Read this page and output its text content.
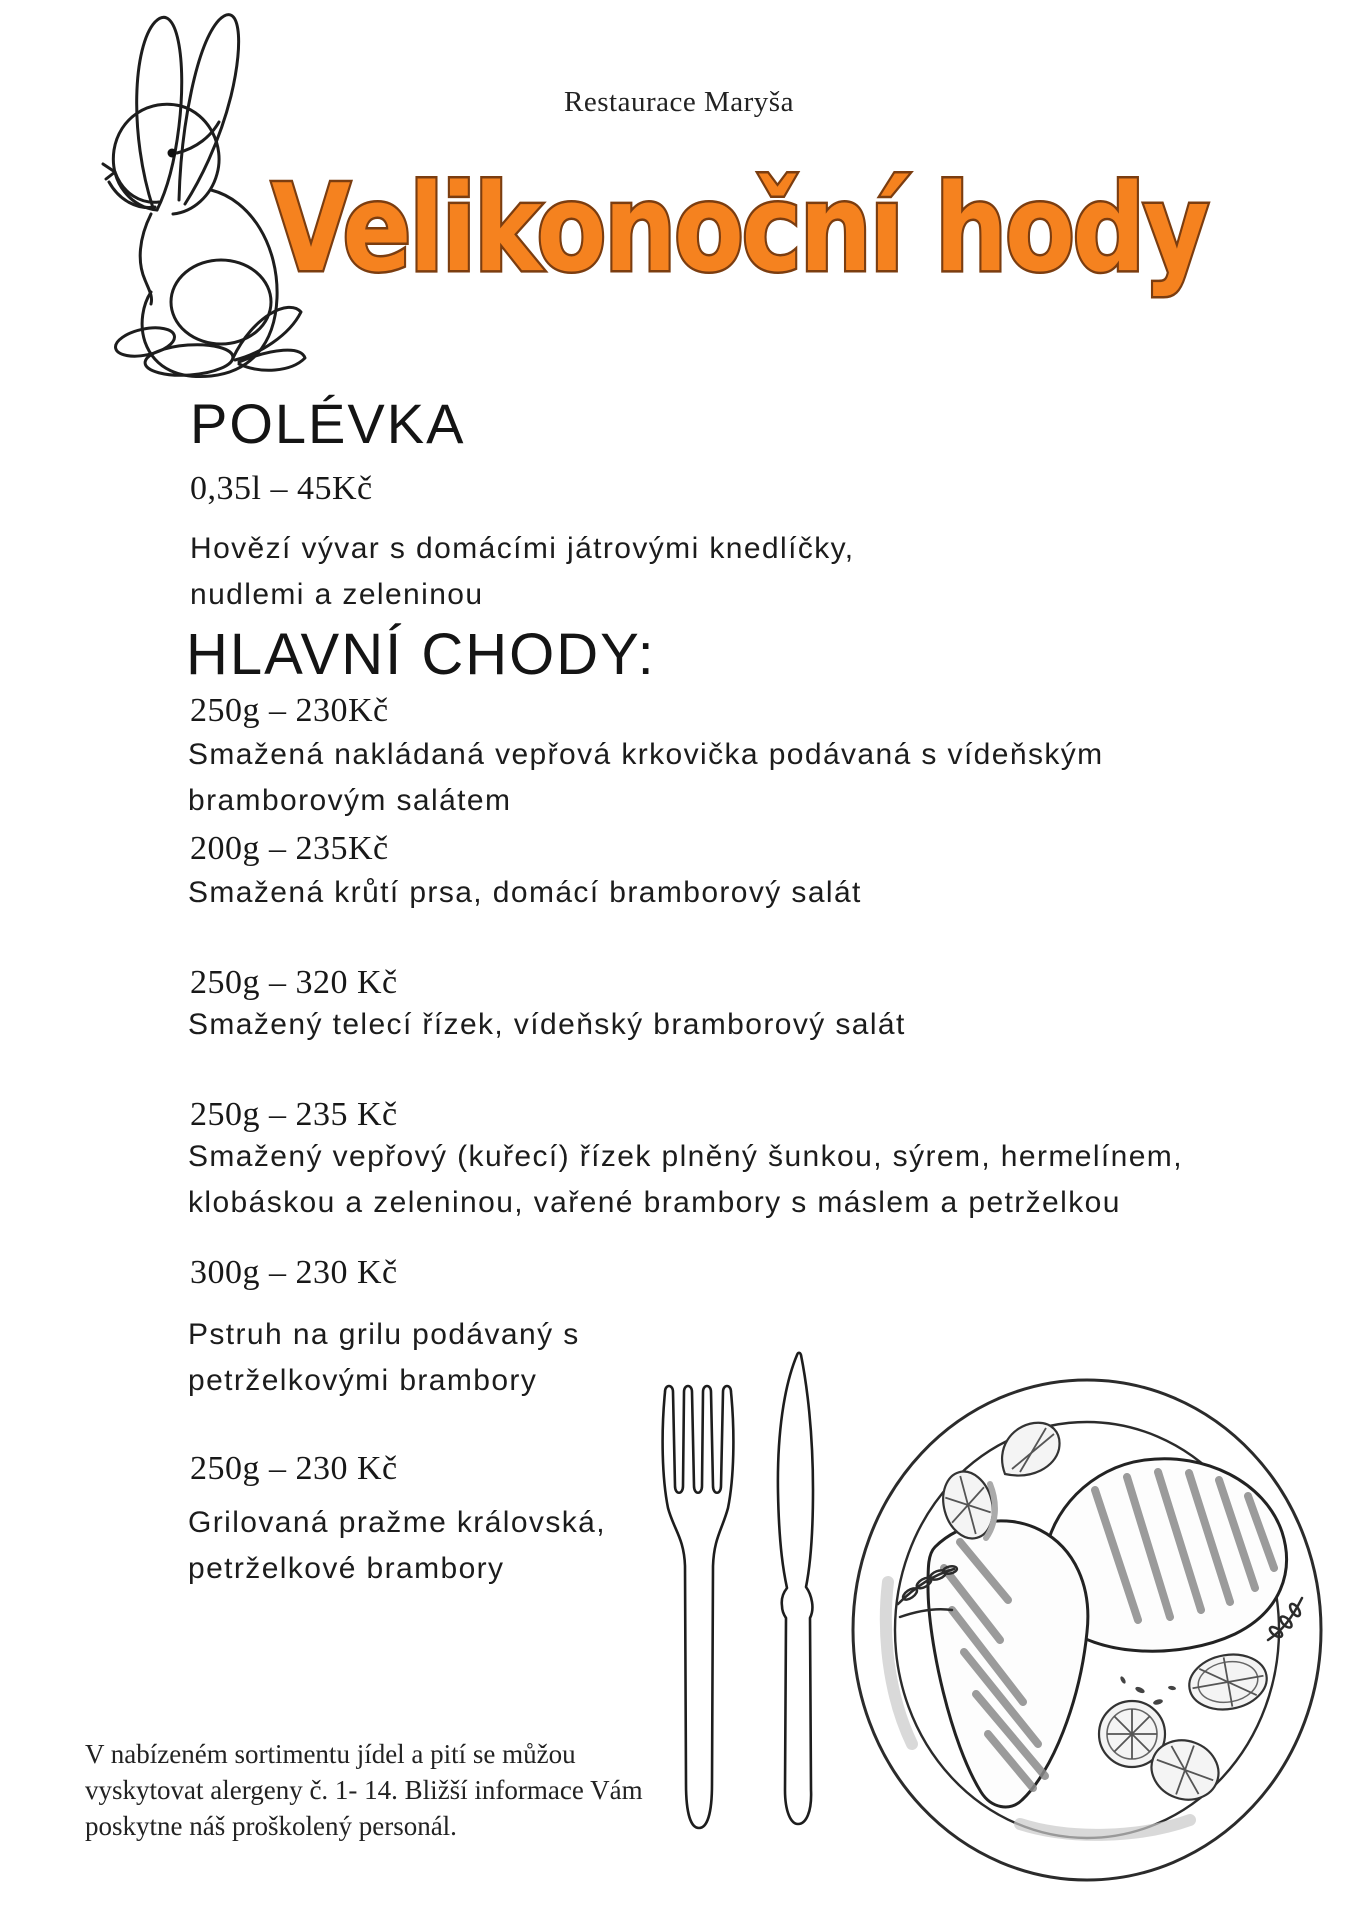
Restaurace Maryša
Velikonoční hody
POLÉVKA
0,35l – 45Kč
Hovězí vývar s domácími játrovými knedlíčky,
nudlemi a zeleninou
HLAVNÍ CHODY:
250g – 230Kč
Smažená nakládaná vepřová krkovička podávaná s vídeňským
bramborovým salátem
200g – 235Kč
Smažená krůtí prsa, domácí bramborový salát
250g – 320 Kč
Smažený telecí řízek, vídeňský bramborový salát
250g – 235 Kč
Smažený vepřový (kuřecí) řízek plněný šunkou, sýrem, hermelínem,
klobáskou a zeleninou, vařené brambory s máslem a petrželkou
300g – 230 Kč
Pstruh na grilu podávaný s
petrželkovými brambory
250g – 230 Kč
Grilovaná pražme královská,
petrželkové brambory
V nabízeném sortimentu jídel a pití se můžou
vyskytovat alergeny č. 1- 14. Bližší informace Vám
poskytne náš proškolený personál.
